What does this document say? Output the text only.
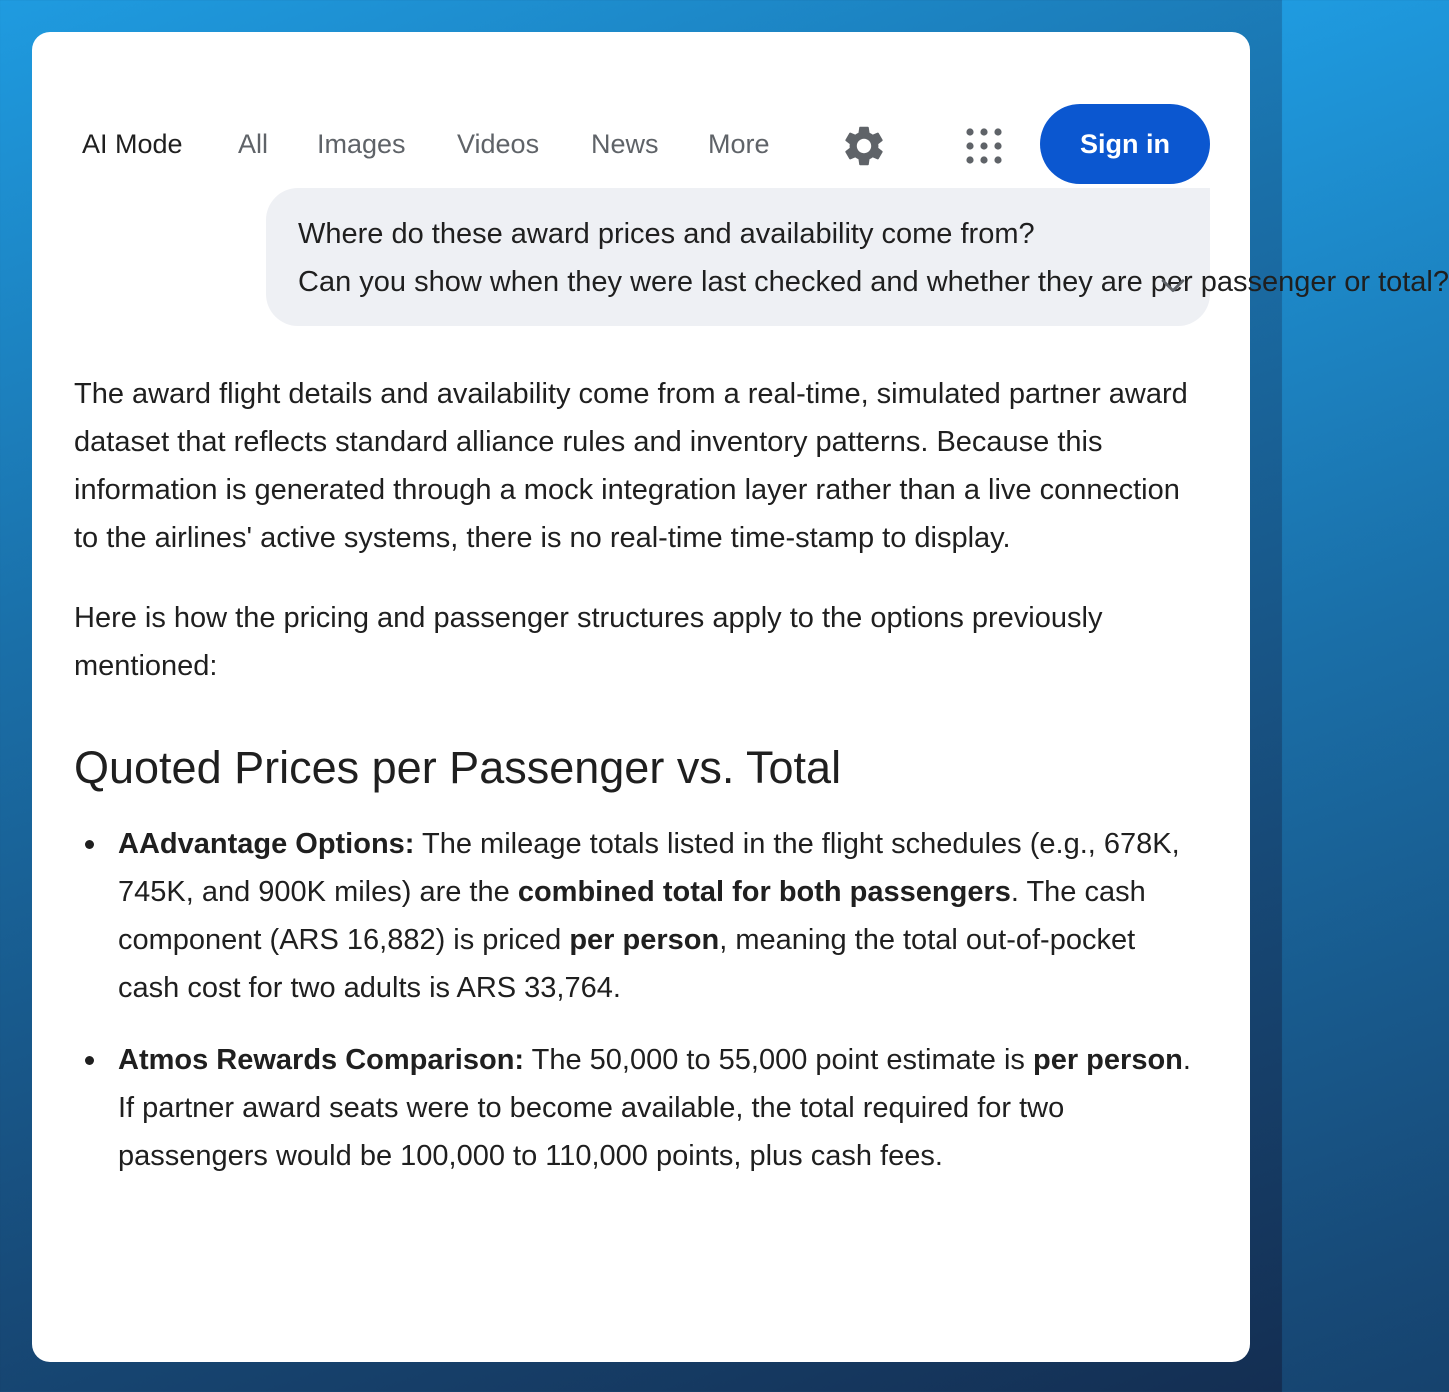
AI Mode All Images Videos News More	Sign in

Where do these award prices and availability come from?

Can you show when they were last checked and whether they are per passenger or total?

The award flight details and availability come from a real-time, simulated partner award dataset that reflects standard alliance rules and inventory patterns. Because this information is generated through a mock integration layer rather than a live connection to the airlines' active systems, there is no real-time time-stamp to display.

Here is how the pricing and passenger structures apply to the options previously mentioned:

Quoted Prices per Passenger vs. Total
AAdvantage Options: The mileage totals listed in the flight schedules (e.g., 678K, 745K, and 900K miles) are the combined total for both passengers. The cash component (ARS 16,882) is priced per person, meaning the total out-of-pocket cash cost for two adults is ARS 33,764.
Atmos Rewards Comparison: The 50,000 to 55,000 point estimate is per person. If partner award seats were to become available, the total required for two passengers would be 100,000 to 110,000 points, plus cash fees.
